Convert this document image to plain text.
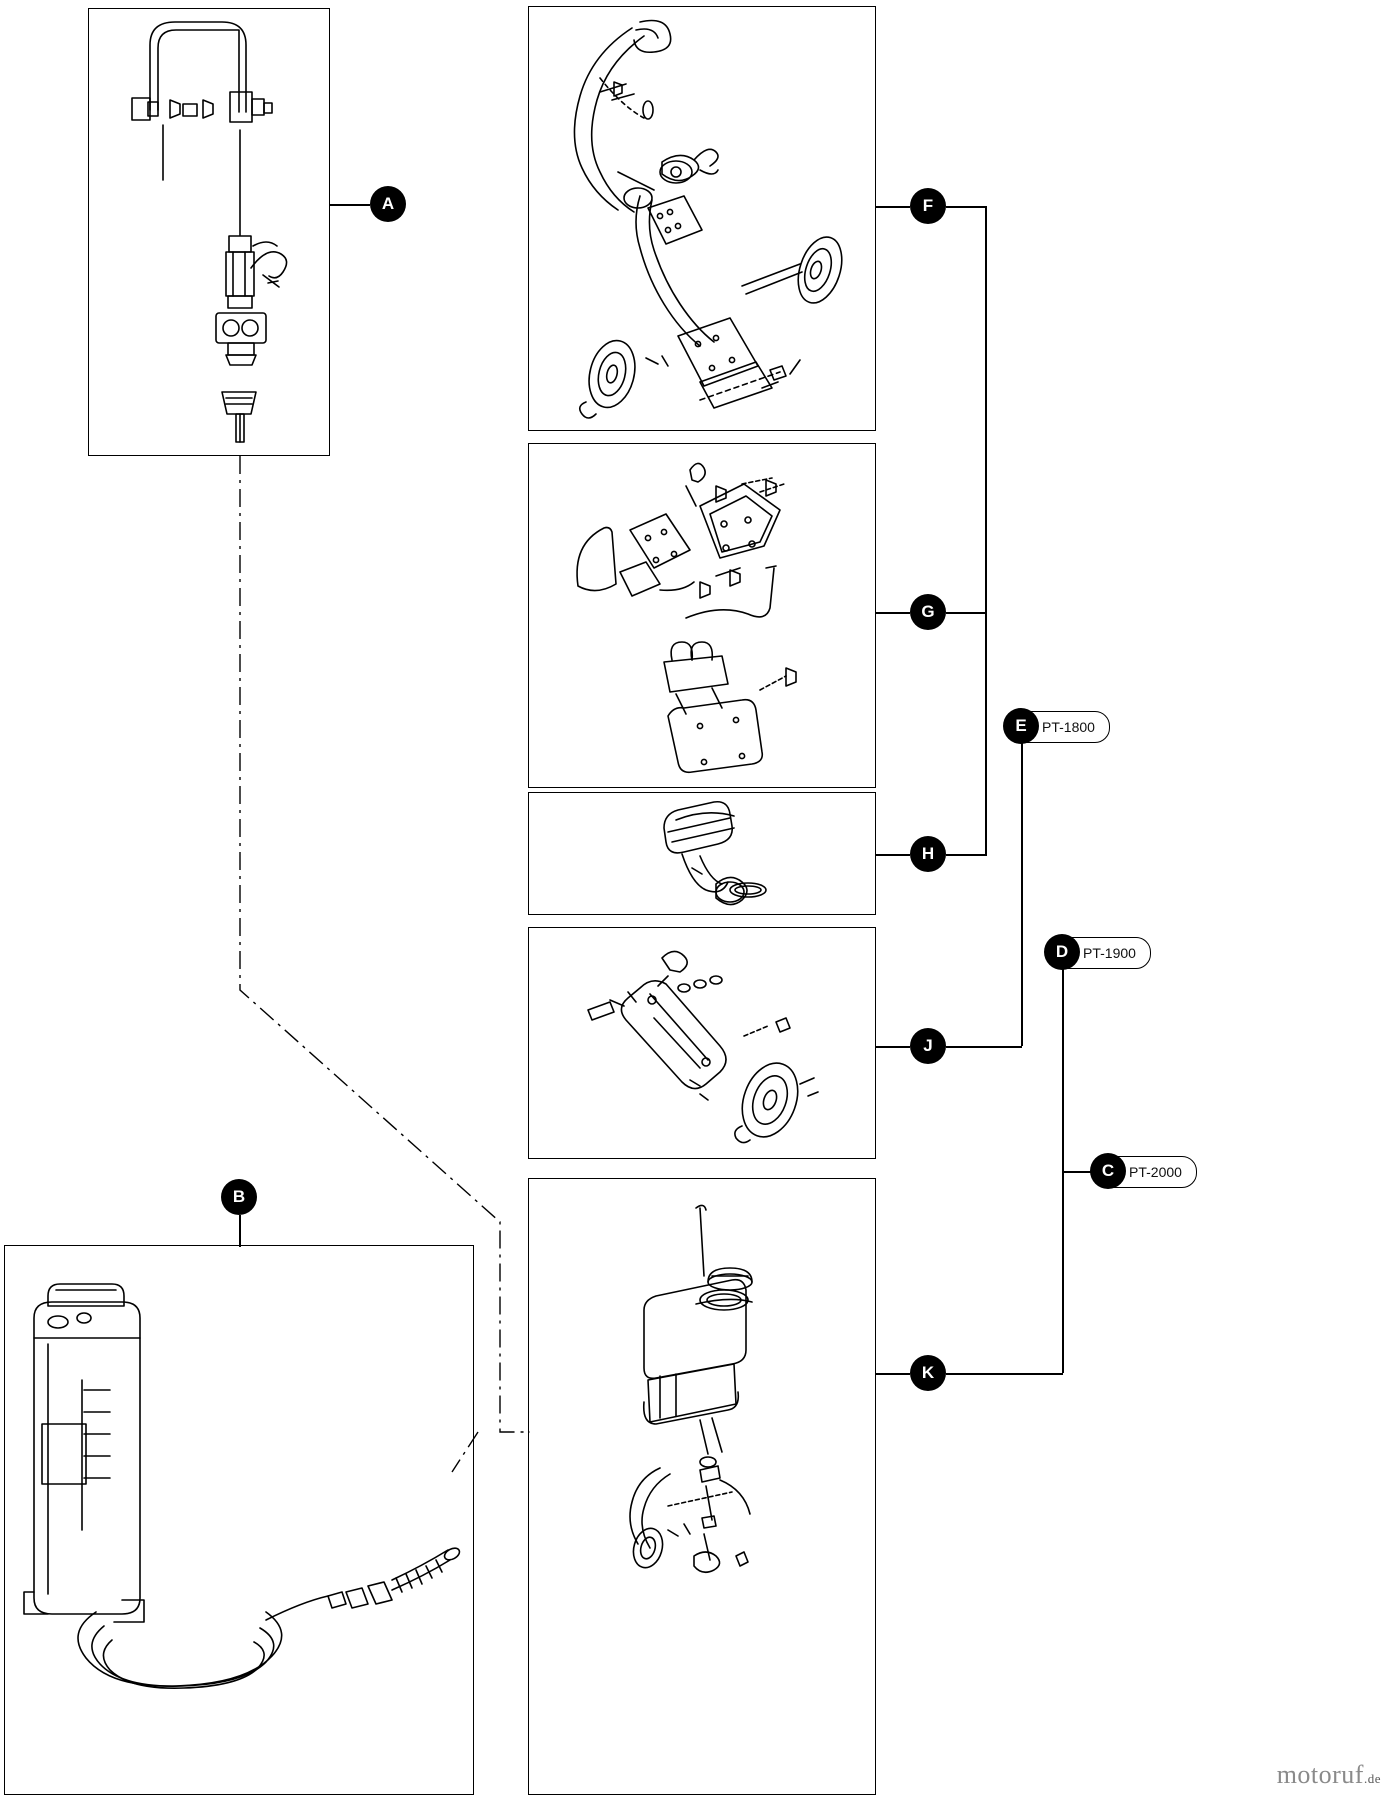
A
B
F
G
H
J
K
PT-1800
E
PT-1900
D
PT-2000
C
motoruf.de
